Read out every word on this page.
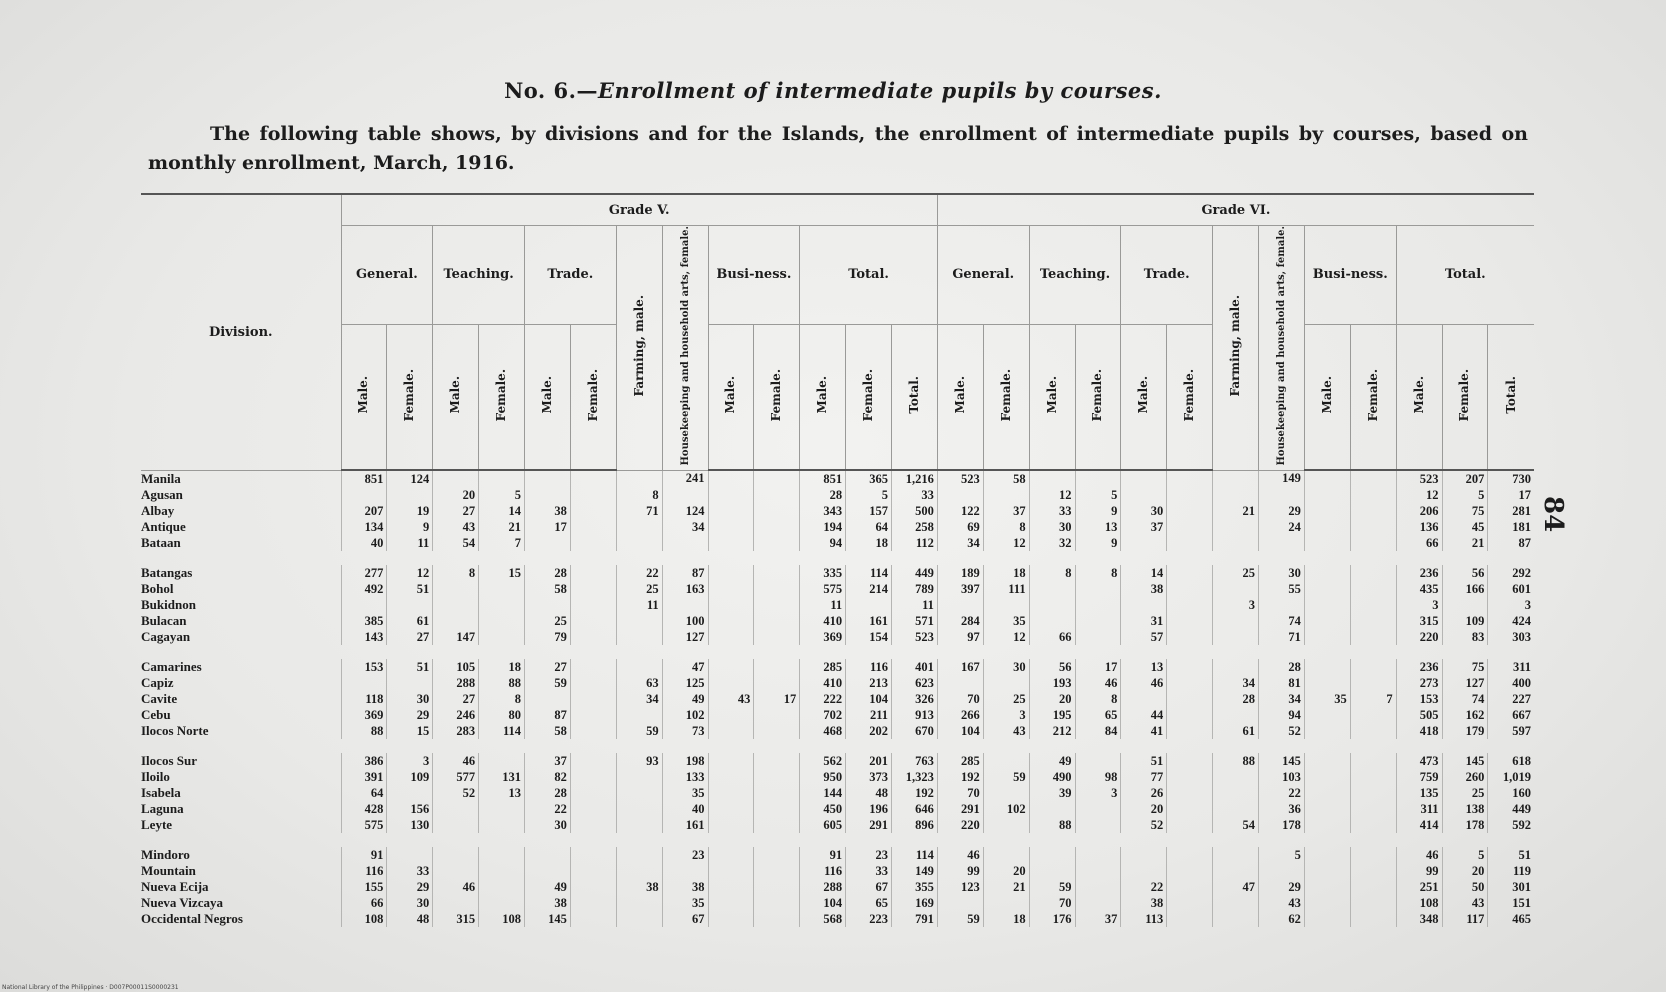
No. 6.—Enrollment of intermediate pupils by courses.
The following table shows, by divisions and for the Islands, the enrollment of intermediate pupils by courses, based on monthly enrollment, March, 1916.
84
Division.	Grade V.													Grade VI.												
	General.		Teaching.		Trade.		Farming, male.	Housekeeping and household arts, female.	Busi-ness.		Total.			General.		Teaching.		Trade.		Farming, male.	Housekeeping and household arts, female.	Busi-ness.		Total.		
	Male.	Female.	Male.	Female.	Male.	Female.			Male.	Female.	Male.	Female.	Total.	Male.	Female.	Male.	Female.	Male.	Female.			Male.	Female.	Male.	Female.	Total.
Manila	851	124						241			851	365	1,216	523	58						149			523	207	730
Agusan			20	5			8				28	5	33			12	5							12	5	17
Albay	207	19	27	14	38		71	124			343	157	500	122	37	33	9	30		21	29			206	75	281
Antique	134	9	43	21	17			34			194	64	258	69	8	30	13	37			24			136	45	181
Bataan	40	11	54	7							94	18	112	34	12	32	9							66	21	87

Batangas	277	12	8	15	28		22	87			335	114	449	189	18	8	8	14		25	30			236	56	292
Bohol	492	51			58		25	163			575	214	789	397	111			38			55			435	166	601
Bukidnon							11				11		11							3				3		3
Bulacan	385	61			25			100			410	161	571	284	35			31			74			315	109	424
Cagayan	143	27	147		79			127			369	154	523	97	12	66		57			71			220	83	303

Camarines	153	51	105	18	27			47			285	116	401	167	30	56	17	13			28			236	75	311
Capiz			288	88	59		63	125			410	213	623			193	46	46		34	81			273	127	400
Cavite	118	30	27	8			34	49	43	17	222	104	326	70	25	20	8			28	34	35	7	153	74	227
Cebu	369	29	246	80	87			102			702	211	913	266	3	195	65	44			94			505	162	667
Ilocos Norte	88	15	283	114	58		59	73			468	202	670	104	43	212	84	41		61	52			418	179	597

Ilocos Sur	386	3	46		37		93	198			562	201	763	285		49		51		88	145			473	145	618
Iloilo	391	109	577	131	82			133			950	373	1,323	192	59	490	98	77			103			759	260	1,019
Isabela	64		52	13	28			35			144	48	192	70		39	3	26			22			135	25	160
Laguna	428	156			22			40			450	196	646	291	102			20			36			311	138	449
Leyte	575	130			30			161			605	291	896	220		88		52		54	178			414	178	592

Mindoro	91							23			91	23	114	46							5			46	5	51
Mountain	116	33									116	33	149	99	20									99	20	119
Nueva Ecija	155	29	46		49		38	38			288	67	355	123	21	59		22		47	29			251	50	301
Nueva Vizcaya	66	30			38			35			104	65	169			70		38			43			108	43	151
Occidental Negros	108	48	315	108	145			67			568	223	791	59	18	176	37	113			62			348	117	465
National Library of the Philippines · D007P00011S0000231
